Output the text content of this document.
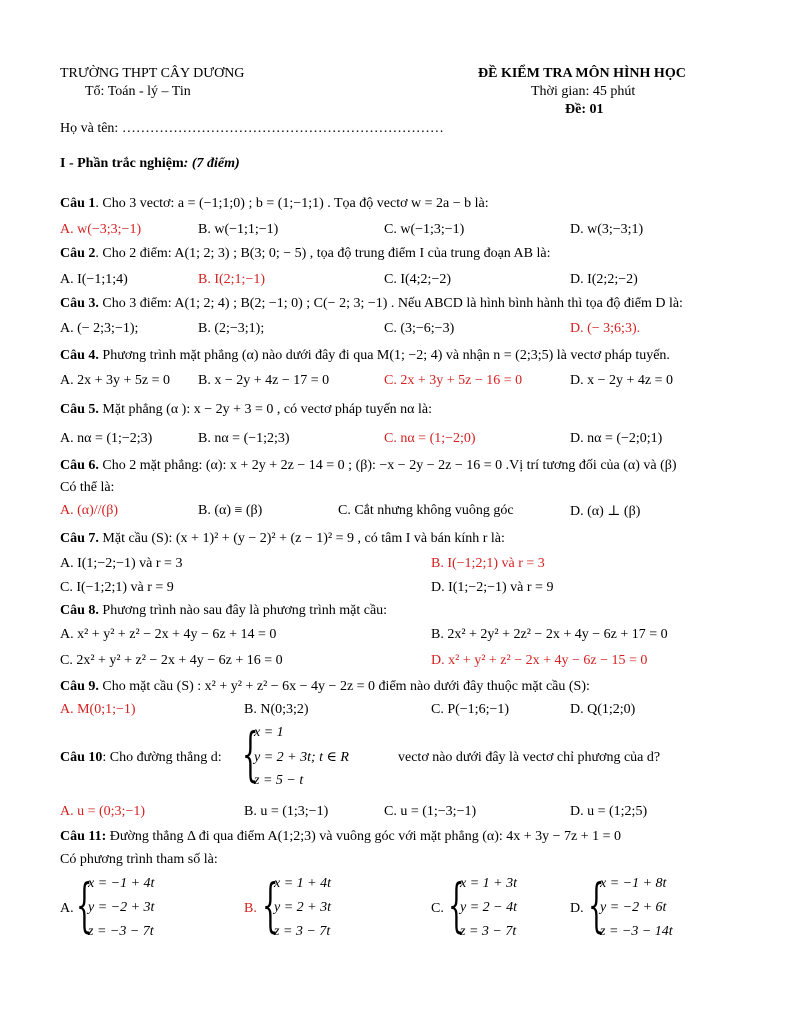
TRƯỜNG THPT CÂY DƯƠNG
Tổ: Toán - lý – Tin
ĐỀ KIỂM TRA MÔN HÌNH HỌC
Thời gian: 45 phút
Đề: 01
Họ và tên: ……………………………………………………………
I - Phần trắc nghiệm: (7 điểm)
Câu 1. Cho 3 vectơ: a = (−1;1;0) ; b = (1;−1;1) . Tọa độ vectơ w = 2a − b là:
A. w(−3;3;−1)	B. w(−1;1;−1)	C. w(−1;3;−1)	D. w(3;−3;1)
Câu 2. Cho 2 điểm: A(1; 2; 3) ; B(3; 0; − 5) , tọa độ trung điểm I của trung đoạn AB là:
A. I(−1;1;4)	B. I(2;1;−1)	C. I(4;2;−2)	D. I(2;2;−2)
Câu 3. Cho 3 điểm: A(1; 2; 4) ; B(2; −1; 0) ; C(− 2; 3; −1) . Nếu ABCD là hình bình hành thì tọa độ điểm D là:
A. (− 2;3;−1);	B. (2;−3;1);	C. (3;−6;−3)	D. (− 3;6;3).
Câu 4. Phương trình mặt phẳng (α) nào dưới đây đi qua M(1; −2; 4) và nhận n = (2;3;5) là vectơ pháp tuyến.
A. 2x + 3y + 5z = 0 B. x − 2y + 4z − 17 = 0	C. 2x + 3y + 5z − 16 = 0	D. x − 2y + 4z = 0
Câu 5. Mặt phẳng (α ): x − 2y + 3 = 0 , có vectơ pháp tuyến nα là:
A. nα = (1;−2;3)	B. nα = (−1;2;3)	C. nα = (1;−2;0)	D. nα = (−2;0;1)
Câu 6. Cho 2 mặt phẳng: (α): x + 2y + 2z − 14 = 0 ; (β): −x − 2y − 2z − 16 = 0 .Vị trí tương đối của (α) và (β)
Có thể là:
A. (α)//(β)	B. (α) ≡ (β)	C. Cắt nhưng không vuông góc	D. (α) ⊥ (β)
Câu 7. Mặt cầu (S): (x + 1)² + (y − 2)² + (z − 1)² = 9 , có tâm I và bán kính r là:
A. I(1;−2;−1) và r = 3	B. I(−1;2;1) và r = 3
C. I(−1;2;1) và r = 9	D. I(1;−2;−1) và r = 9
Câu 8. Phương trình nào sau đây là phương trình mặt cầu:
A. x² + y² + z² − 2x + 4y − 6z + 14 = 0	B. 2x² + 2y² + 2z² − 2x + 4y − 6z + 17 = 0
C. 2x² + y² + z² − 2x + 4y − 6z + 16 = 0	D. x² + y² + z² − 2x + 4y − 6z − 15 = 0
Câu 9. Cho mặt cầu (S) : x² + y² + z² − 6x − 4y − 2z = 0 điểm nào dưới đây thuộc mặt cầu (S):
A. M(0;1;−1)	B. N(0;3;2)	C. P(−1;6;−1)	D. Q(1;2;0)
Câu 10: Cho đường thẳng d: {
x = 1
y = 2 + 3t; t ∈ R
z = 5 − t
vectơ nào dưới đây là vectơ chỉ phương của d?
A. u = (0;3;−1)	B. u = (1;3;−1)	C. u = (1;−3;−1)	D. u = (1;2;5)
Câu 11: Đường thẳng Δ đi qua điểm A(1;2;3) và vuông góc với mặt phẳng (α): 4x + 3y − 7z + 1 = 0
Có phương trình tham số là:
A. {
x = −1 + 4t
y = −2 + 3t
z = −3 − 7t
B. {
x = 1 + 4t
y = 2 + 3t
z = 3 − 7t
C. {
x = 1 + 3t
y = 2 − 4t
z = 3 − 7t
D. {
x = −1 + 8t
y = −2 + 6t
z = −3 − 14t
